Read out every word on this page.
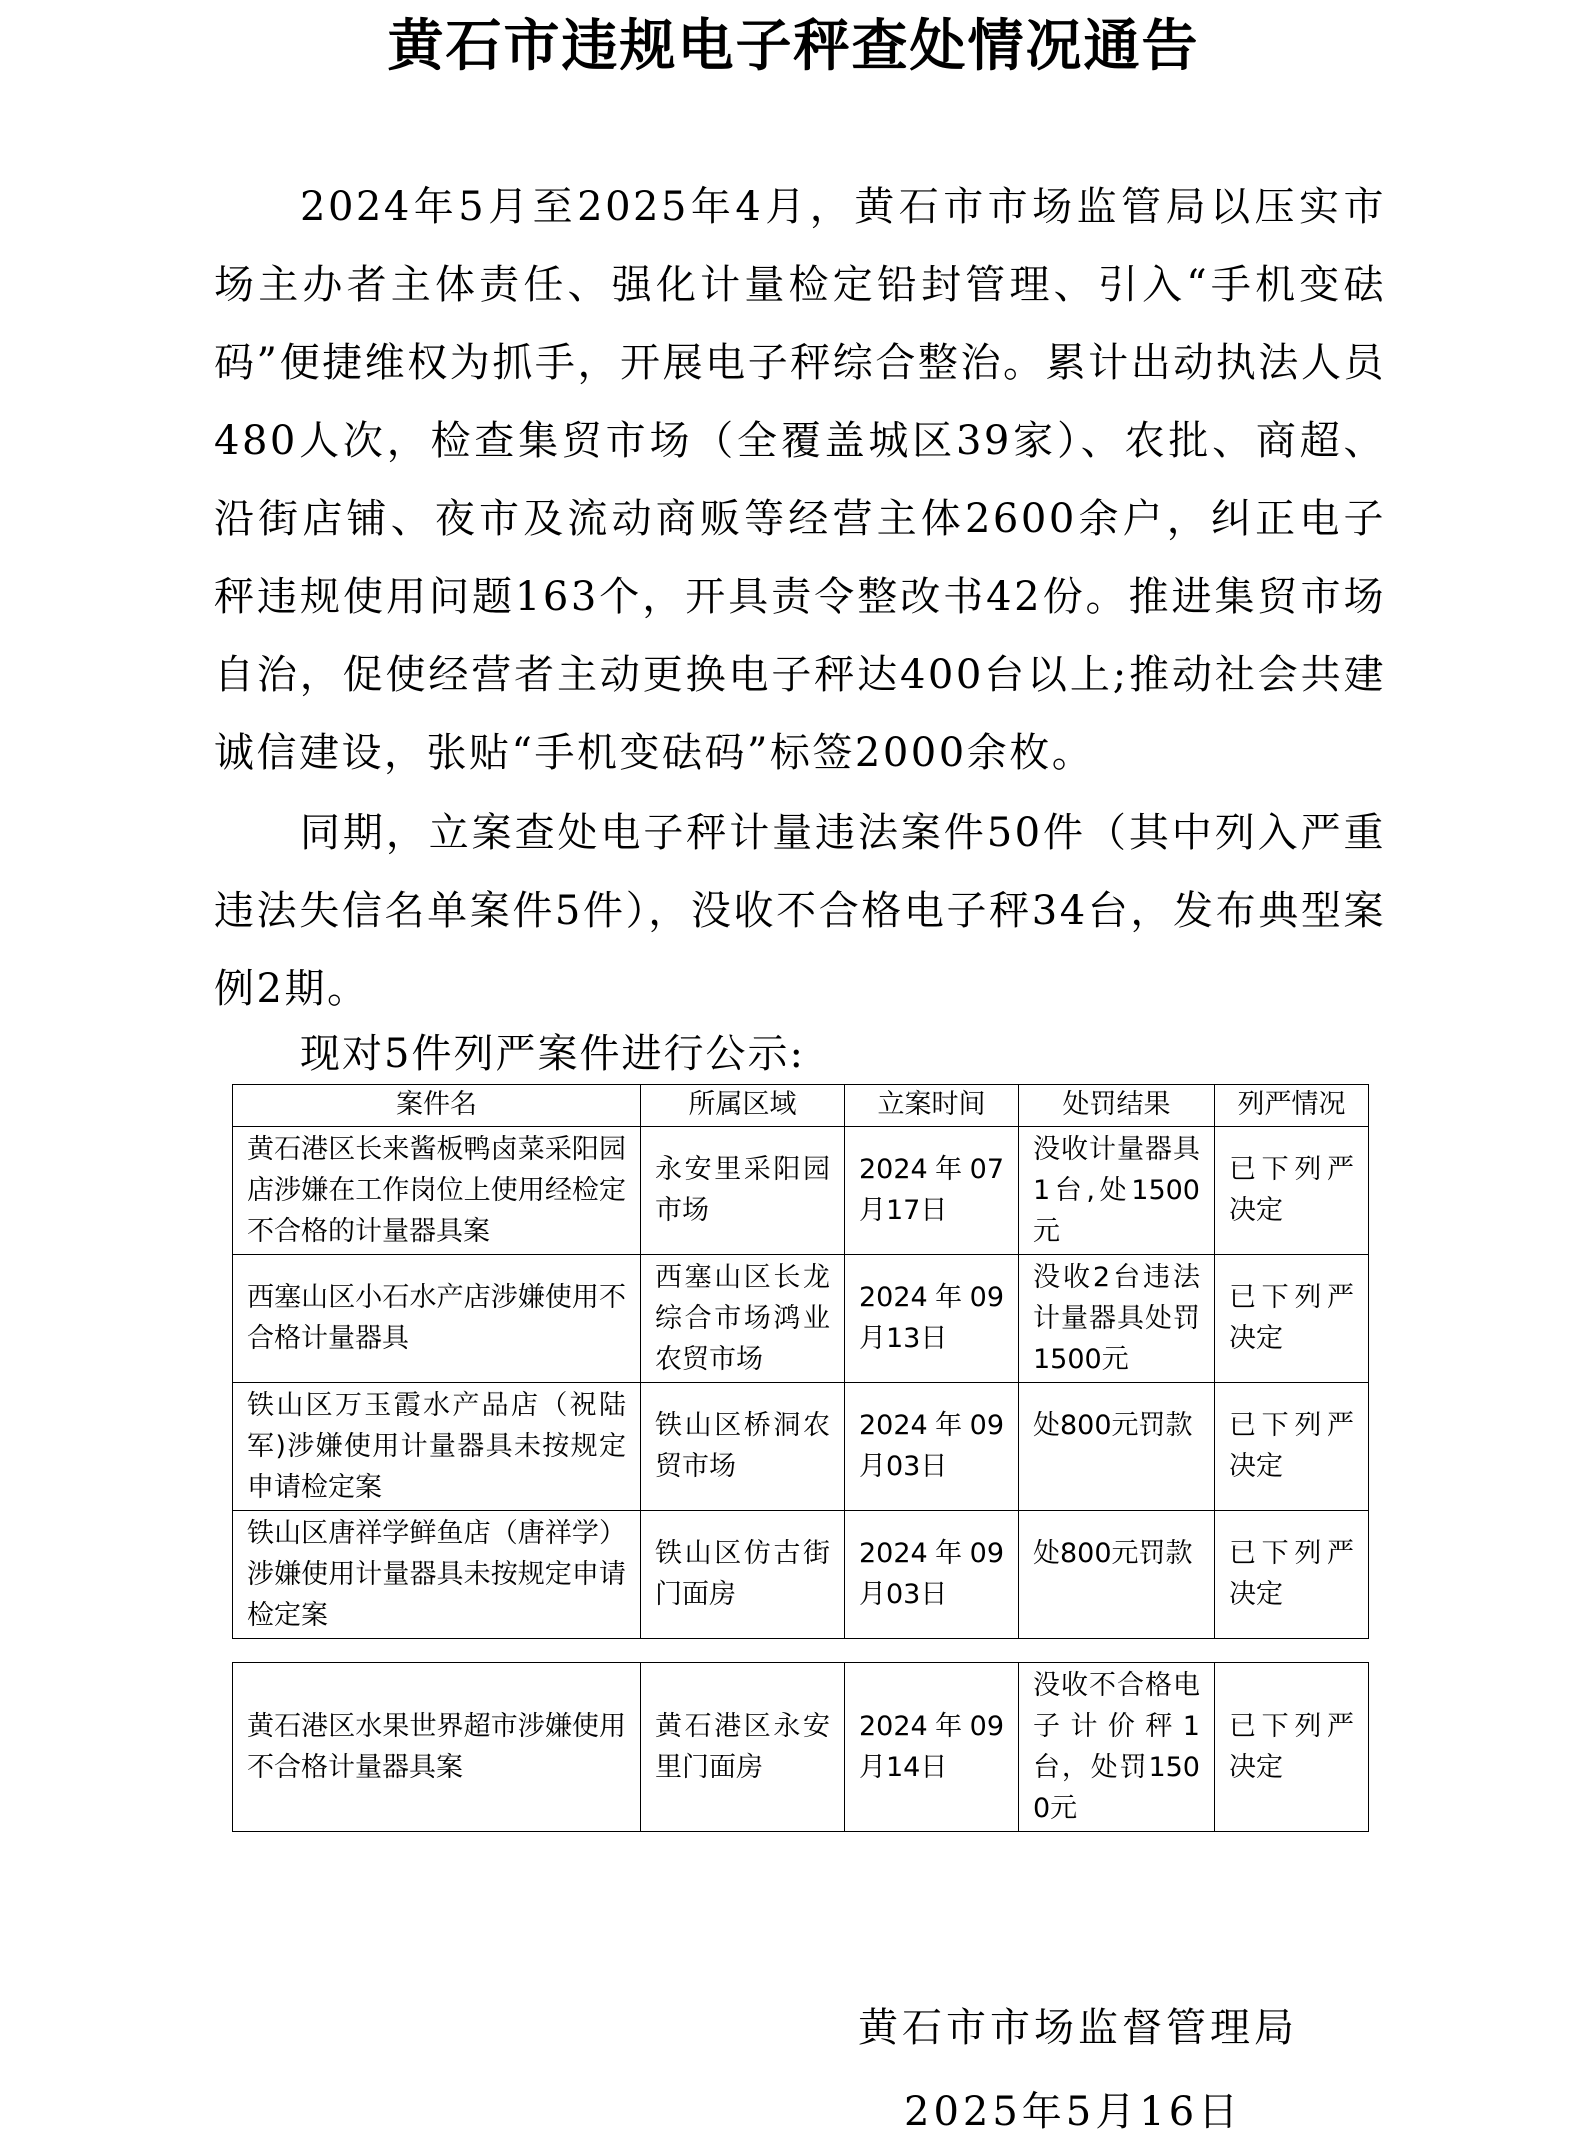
黄石市违规电子秤查处情况通告

2024年5月至2025年4月，黄石市市场监管局以压实市场主办者主体责任、强化计量检定铅封管理、引入“手机变砝码”便捷维权为抓手，开展电子秤综合整治。累计出动执法人员480人次，检查集贸市场（全覆盖城区39家）、农批、商超、沿街店铺、夜市及流动商贩等经营主体2600余户，纠正电子秤违规使用问题163个，开具责令整改书42份。推进集贸市场自治，促使经营者主动更换电子秤达400台以上;推动社会共建诚信建设，张贴“手机变砝码”标签2000余枚。

同期，立案查处电子秤计量违法案件50件（其中列入严重违法失信名单案件5件），没收不合格电子秤34台，发布典型案例2期。

现对5件列严案件进行公示:

案件名	所属区域	立案时间	处罚结果	列严情况
黄石港区长来酱板鸭卤菜采阳园店涉嫌在工作岗位上使用经检定不合格的计量器具案	永安里采阳园市场	2024年07月17日	没收计量器具1台,处1500元	已下列严决定
西塞山区小石水产店涉嫌使用不合格计量器具	西塞山区长龙综合市场鸿业农贸市场	2024年09月13日	没收2台违法计量器具处罚1500元	已下列严决定
铁山区万玉霞水产品店（祝陆军)涉嫌使用计量器具未按规定申请检定案	铁山区桥洞农贸市场	2024年09月03日	处800元罚款	已下列严决定
铁山区唐祥学鲜鱼店（唐祥学）涉嫌使用计量器具未按规定申请检定案	铁山区仿古街门面房	2024年09月03日	处800元罚款	已下列严决定
黄石港区水果世界超市涉嫌使用不合格计量器具案	黄石港区永安里门面房	2024年09月14日	没收不合格电子计价秤1台，处罚1500元	已下列严决定

黄石市市场监督管理局

2025年5月16日
